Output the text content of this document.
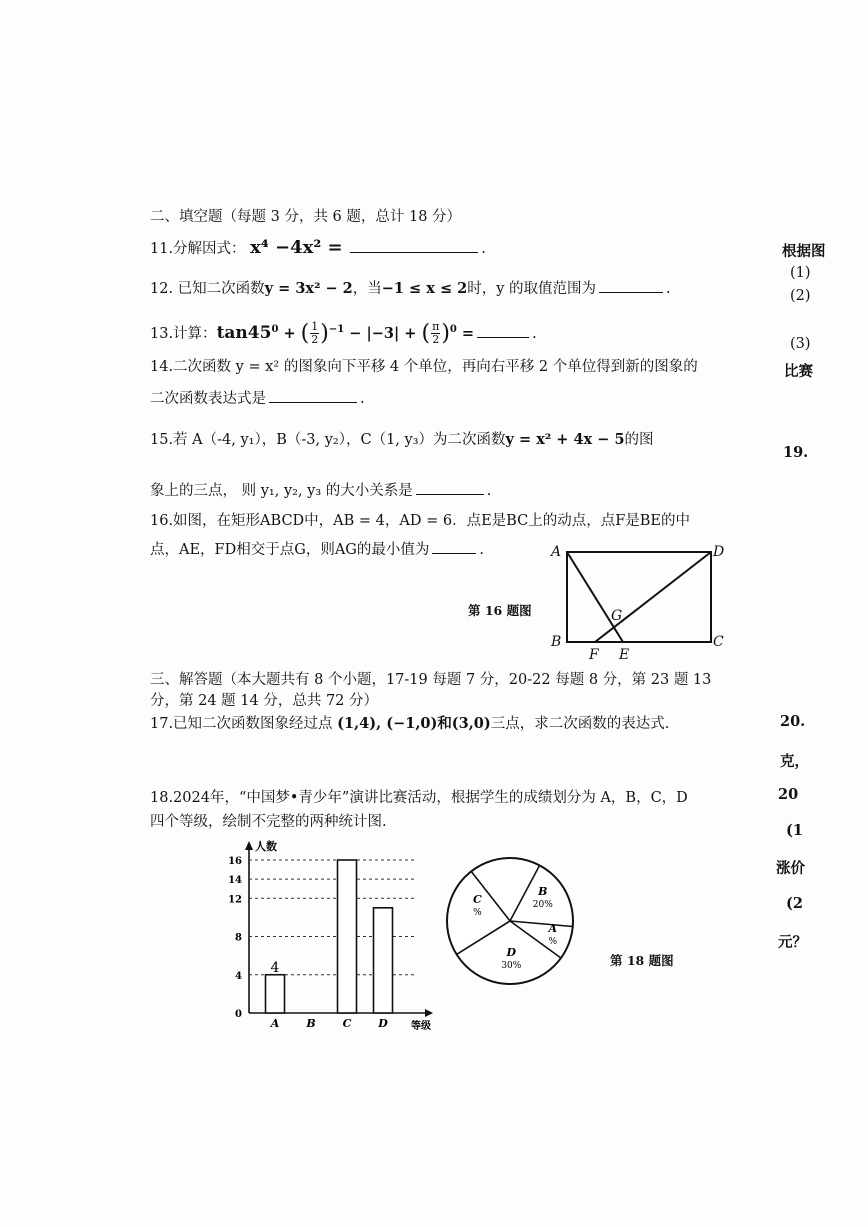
二、填空题（每题 3 分，共 6 题，总计 18 分）
11.分解因式： x⁴ −4x² =	.
12. 已知二次函数y = 3x² − 2，当−1 ≤ x ≤ 2时，y 的取值范围为	.
13.计算：$\tan 45^0$ + ( $\frac{1}{2} )^{-1} - |-3|$ + ( $\frac{\pi}{2} )^0$ =	.
14.二次函数 y = x² 的图象向下平移 4 个单位，再向右平移 2 个单位得到新的图象的
二次函数表达式是	.
15.若 A（-4, y₁），B（-3, y₂），C（1, y₃）为二次函数y = x² + 4x − 5的图
象上的三点， 则 y₁, y₂, y₃ 的大小关系是	.
16.如图，在矩形ABCD中，AB = 4，AD = 6．点E是BC上的动点，点F是BE的中
点，AE，FD相交于点G，则AG的最小值为	.
第 16 题图
A	D
B	C
F E
G
三、解答题（本大题共有 8 个小题，17-19 每题 7 分，20-22 每题 8 分，第 23 题 13
分，第 24 题 14 分，总共 72 分）
17.已知二次函数图象经过点 (1,4), (−1,0)和(3,0)三点，求二次函数的表达式.
18.2024年，“中国梦•青少年”演讲比赛活动，根据学生的成绩划分为 A，B，C，D
四个等级，绘制不完整的两种统计图.
第 18 题图
人数
等级
0
4
8
12
14
16
4
A B C D
C
%
B
20%
A
%
D
30%
根据图
(1)
(2)
(3)
比赛
19.
20.
克，
20
(1
涨价
(2
元？
